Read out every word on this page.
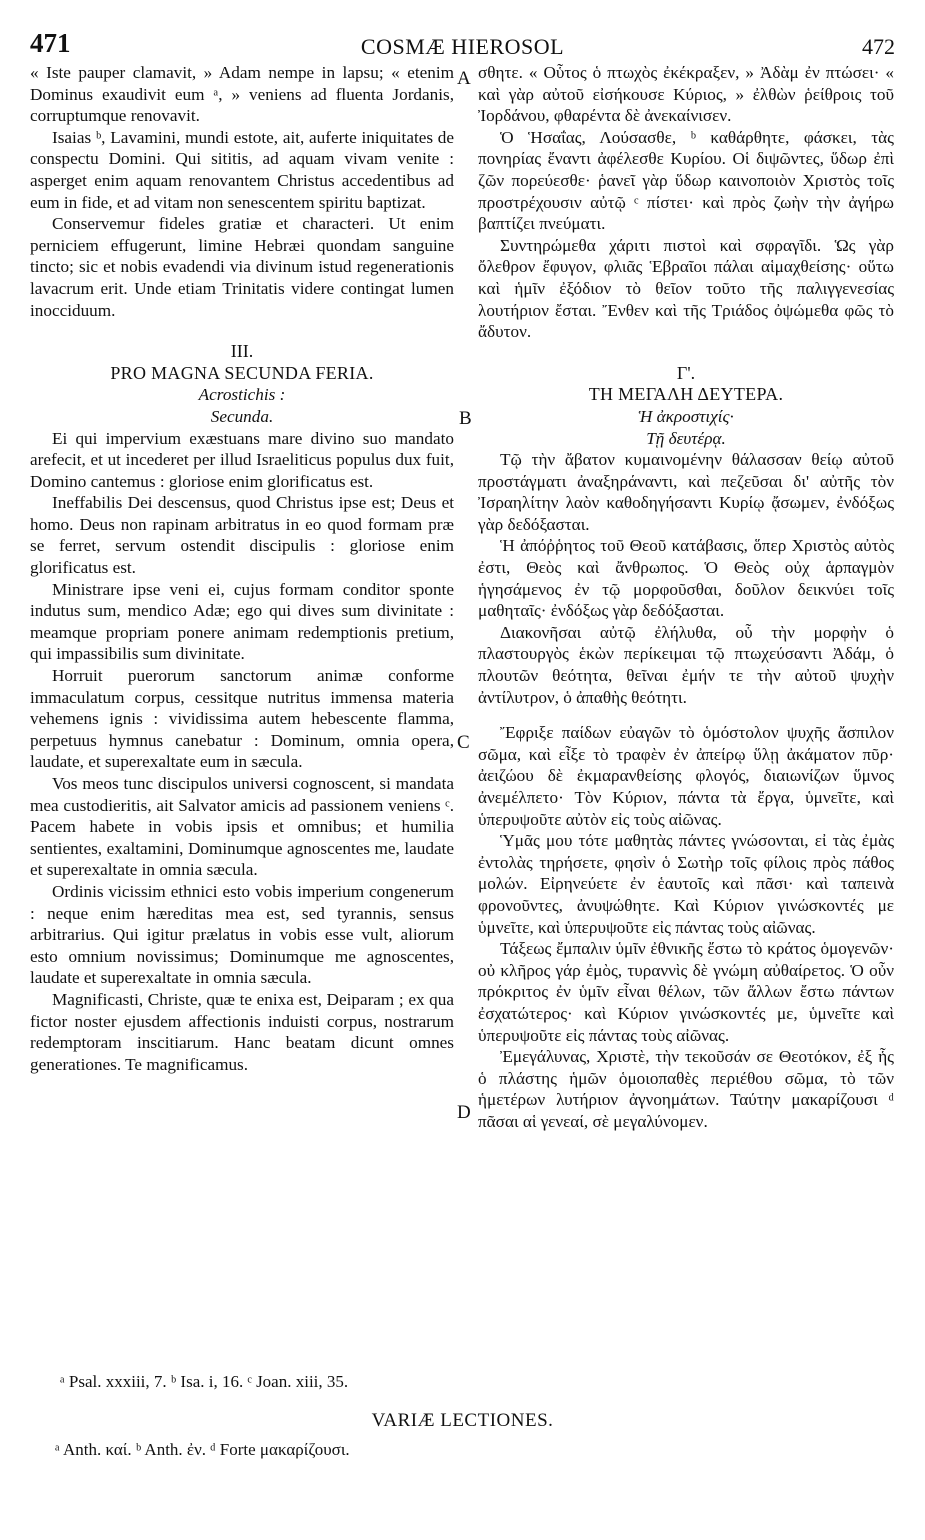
471	COSMÆ HIEROSOL	472
A
B
C
D

« Iste pauper clamavit, » Adam nempe in lapsu; « etenim Dominus exaudivit eum ᵃ, » veniens ad fluenta Jordanis, corruptumque renovavit.

Isaias ᵇ, Lavamini, mundi estote, ait, auferte iniquitates de conspectu Domini. Qui sititis, ad aquam vivam venite : asperget enim aquam renovantem Christus accedentibus ad eum in fide, et ad vitam non senescentem spiritu baptizat.

Conservemur fideles gratiæ et characteri. Ut enim perniciem effugerunt, limine Hebræi quondam sanguine tincto; sic et nobis evadendi via divinum istud regenerationis lavacrum erit. Unde etiam Trinitatis videre contingat lumen inocciduum.

III.
PRO MAGNA SECUNDA FERIA.
Acrostichis :
Secunda.

Ei qui impervium exæstuans mare divino suo mandato arefecit, et ut incederet per illud Israeliticus populus dux fuit, Domino cantemus : gloriose enim glorificatus est.

Ineffabilis Dei descensus, quod Christus ipse est; Deus et homo. Deus non rapinam arbitratus in eo quod formam præ se ferret, servum ostendit discipulis : gloriose enim glorificatus est.

Ministrare ipse veni ei, cujus formam conditor sponte indutus sum, mendico Adæ; ego qui dives sum divinitate : meamque propriam ponere animam redemptionis pretium, qui impassibilis sum divinitate.

Horruit puerorum sanctorum animæ conforme immaculatum corpus, cessitque nutritus immensa materia vehemens ignis : vividissima autem hebescente flamma, perpetuus hymnus canebatur : Dominum, omnia opera, laudate, et superexaltate eum in sæcula.

Vos meos tunc discipulos universi cognoscent, si mandata mea custodieritis, ait Salvator amicis ad passionem veniens ᶜ. Pacem habete in vobis ipsis et omnibus; et humilia sentientes, exaltamini, Dominumque agnoscentes me, laudate et superexaltate in omnia sæcula.

Ordinis vicissim ethnici esto vobis imperium congenerum : neque enim hæreditas mea est, sed tyrannis, sensus arbitrarius. Qui igitur prælatus in vobis esse vult, aliorum esto omnium novissimus; Dominumque me agnoscentes, laudate et superexaltate in omnia sæcula.

Magnificasti, Christe, quæ te enixa est, Deiparam ; ex qua fictor noster ejusdem affectionis induisti corpus, nostrarum redemptoram inscitiarum. Hanc beatam dicunt omnes generationes. Te magnificamus.

σθητε. « Οὗτος ὁ πτωχὸς ἐκέκραξεν, » Ἀδὰμ ἐν πτώσει· « καὶ γὰρ αὐτοῦ εἰσήκουσε Κύριος, » ἐλθὼν ῥείθροις τοῦ Ἰορδάνου, φθαρέντα δὲ ἀνεκαίνισεν.

Ὁ Ἡσαΐας, Λούσασθε, ᵇ καθάρθητε, φάσκει, τὰς πονηρίας ἔναντι ἀφέλεσθε Κυρίου. Οἱ διψῶντες, ὕδωρ ἐπὶ ζῶν πορεύεσθε· ῥανεῖ γὰρ ὕδωρ καινοποιὸν Χριστὸς τοῖς προστρέχουσιν αὐτῷ ᶜ πίστει· καὶ πρὸς ζωὴν τὴν ἀγήρω βαπτίζει πνεύματι.

Συντηρώμεθα χάριτι πιστοὶ καὶ σφραγῖδι. Ὡς γὰρ ὄλεθρον ἔφυγον, φλιᾶς Ἑβραῖοι πάλαι αἱμαχθείσης· οὕτω καὶ ἡμῖν ἐξόδιον τὸ θεῖον τοῦτο τῆς παλιγγενεσίας λουτήριον ἔσται. Ἔνθεν καὶ τῆς Τριάδος ὀψώμεθα φῶς τὸ ἄδυτον.

Γ'.
ΤΗ ΜΕΓΑΛΗ ΔΕΥΤΕΡΑ.
Ἡ ἀκροστιχίς·
Τῇ δευτέρᾳ.

Τῷ τὴν ἄβατον κυμαινομένην θάλασσαν θείῳ αὐτοῦ προστάγματι ἀναξηράναντι, καὶ πεζεῦσαι δι' αὐτῆς τὸν Ἰσραηλίτην λαὸν καθοδηγήσαντι Κυρίῳ ᾄσωμεν, ἐνδόξως γὰρ δεδόξασται.

Ἡ ἀπόῤῥητος τοῦ Θεοῦ κατάβασις, ὅπερ Χριστὸς αὐτὸς ἐστι, Θεὸς καὶ ἄνθρωπος. Ὁ Θεὸς οὐχ ἁρπαγμὸν ἡγησάμενος ἐν τῷ μορφοῦσθαι, δοῦλον δεικνύει τοῖς μαθηταῖς· ἐνδόξως γὰρ δεδόξασται.

Διακονῆσαι αὐτῷ ἐλήλυθα, οὗ τὴν μορφὴν ὁ πλαστουργὸς ἑκὼν περίκειμαι τῷ πτωχεύσαντι Ἀδάμ, ὁ πλουτῶν θεότητα, θεῖναι ἐμήν τε τὴν αὐτοῦ ψυχὴν ἀντίλυτρον, ὁ ἀπαθὴς θεότητι.

Ἔφριξε παίδων εὐαγῶν τὸ ὁμόστολον ψυχῆς ἄσπιλον σῶμα, καὶ εἶξε τὸ τραφὲν ἐν ἀπείρῳ ὕλῃ ἀκάματον πῦρ· ἀειζώου δὲ ἐκμαρανθείσης φλογός, διαιωνίζων ὕμνος ἀνεμέλπετο· Τὸν Κύριον, πάντα τὰ ἔργα, ὑμνεῖτε, καὶ ὑπερυψοῦτε αὐτὸν εἰς τοὺς αἰῶνας.

Ὑμᾶς μου τότε μαθητὰς πάντες γνώσονται, εἰ τὰς ἐμὰς ἐντολὰς τηρήσετε, φησὶν ὁ Σωτὴρ τοῖς φίλοις πρὸς πάθος μολών. Εἰρηνεύετε ἐν ἑαυτοῖς καὶ πᾶσι· καὶ ταπεινὰ φρονοῦντες, ἀνυψώθητε. Καὶ Κύριον γινώσκοντές με ὑμνεῖτε, καὶ ὑπερυψοῦτε εἰς πάντας τοὺς αἰῶνας.

Τάξεως ἔμπαλιν ὑμῖν ἐθνικῆς ἔστω τὸ κράτος ὁμογενῶν· οὐ κλῆρος γάρ ἐμὸς, τυραννὶς δὲ γνώμη αὐθαίρετος. Ὁ οὖν πρόκριτος ἐν ὑμῖν εἶναι θέλων, τῶν ἄλλων ἔστω πάντων ἐσχατώτερος· καὶ Κύριον γινώσκοντές με, ὑμνεῖτε καὶ ὑπερυψοῦτε εἰς πάντας τοὺς αἰῶνας.

Ἐμεγάλυνας, Χριστὲ, τὴν τεκοῦσάν σε Θεοτόκον, ἐξ ἧς ὁ πλάστης ἡμῶν ὁμοιοπαθὲς περιέθου σῶμα, τὸ τῶν ἡμετέρων λυτήριον ἀγνοημάτων. Ταύτην μακαρίζουσι ᵈ πᾶσαι αἱ γενεαί, σὲ μεγαλύνομεν.

ᵃ Psal. xxxiii, 7. ᵇ Isa. i, 16. ᶜ Joan. xiii, 35.
VARIÆ LECTIONES.
ᵃ Anth. καί. ᵇ Anth. ἐν. ᵈ Forte μακαρίζουσι.
